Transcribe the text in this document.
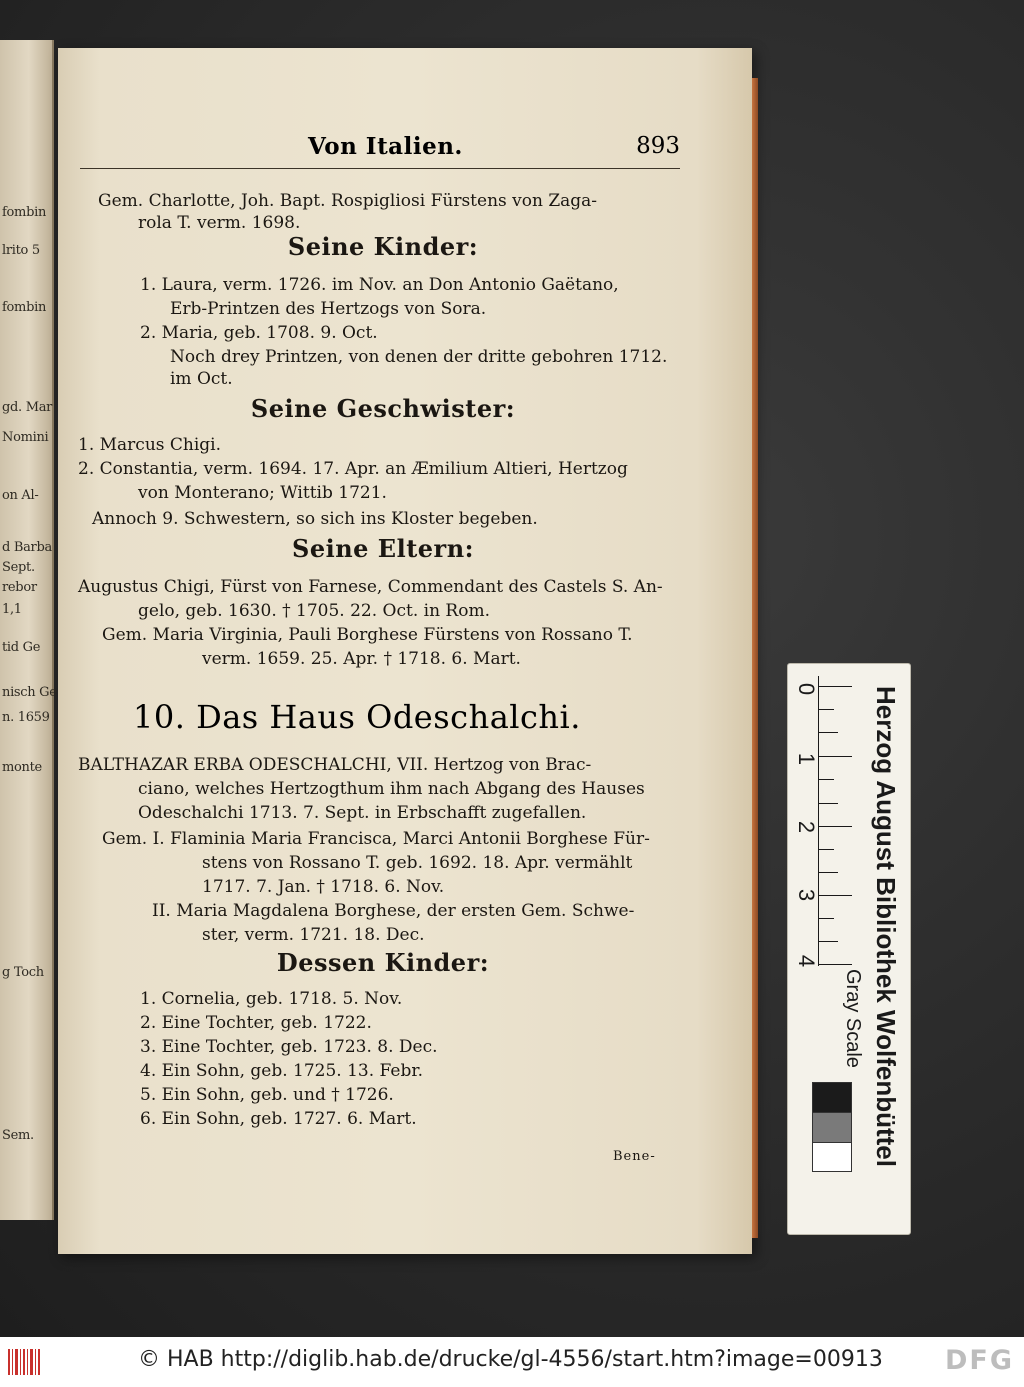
fombin
lrito 5
fombin
gd. Mar
Nomini
on Al-
d Barba
Sept.
rebor
1,1
tid Ge
nisch Ge
n. 1659
monte
g Toch
Sem.
Von Italien.	893
Gem. Charlotte, Joh. Bapt. Rospigliosi Fürstens von Zaga-
rola T. verm. 1698.
Seine Kinder:
1. Laura, verm. 1726. im Nov. an Don Antonio Gaëtano,
Erb-Printzen des Hertzogs von Sora.
2. Maria, geb. 1708. 9. Oct.
Noch drey Printzen, von denen der dritte gebohren 1712.
im Oct.
Seine Geschwister:
1. Marcus Chigi.
2. Constantia, verm. 1694. 17. Apr. an Æmilium Altieri, Hertzog
von Monterano; Wittib 1721.
Annoch 9. Schwestern, so sich ins Kloster begeben.
Seine Eltern:
Augustus Chigi, Fürst von Farnese, Commendant des Castels S. An-
gelo, geb. 1630. † 1705. 22. Oct. in Rom.
Gem. Maria Virginia, Pauli Borghese Fürstens von Rossano T.
verm. 1659. 25. Apr. † 1718. 6. Mart.
10. Das Haus Odeschalchi.
BALTHAZAR ERBA ODESCHALCHI, VII. Hertzog von Brac-
ciano, welches Hertzogthum ihm nach Abgang des Hauses
Odeschalchi 1713. 7. Sept. in Erbschafft zugefallen.
Gem. I. Flaminia Maria Francisca, Marci Antonii Borghese Für-
stens von Rossano T. geb. 1692. 18. Apr. vermählt
1717. 7. Jan. † 1718. 6. Nov.
II. Maria Magdalena Borghese, der ersten Gem. Schwe-
ster, verm. 1721. 18. Dec.
Dessen Kinder:
1. Cornelia, geb. 1718. 5. Nov.
2. Eine Tochter, geb. 1722.
3. Eine Tochter, geb. 1723. 8. Dec.
4. Ein Sohn, geb. 1725. 13. Febr.
5. Ein Sohn, geb. und † 1726.
6. Ein Sohn, geb. 1727. 6. Mart.
Bene-
0
1
2
3
4
Gray Scale Herzog August Bibliothek Wolfenbüttel
© HAB http://diglib.hab.de/drucke/gl-4556/start.htm?image=00913 DFG
